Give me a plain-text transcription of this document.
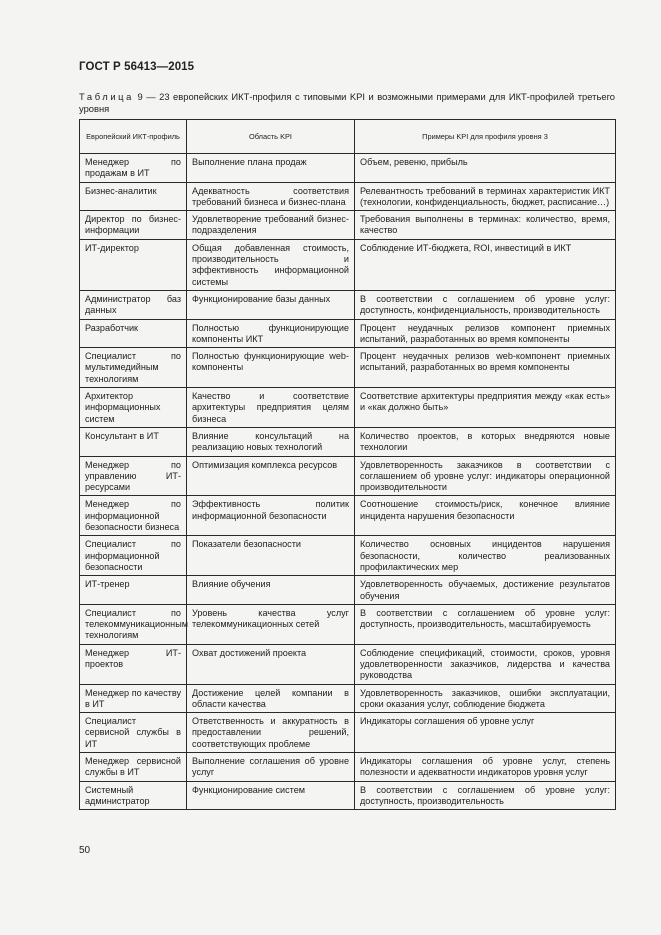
ГОСТ Р 56413—2015
Таблица 9 — 23 европейских ИКТ-профиля с типовыми KPI и возможными примерами для ИКТ-профилей третьего уровня
Европейский ИКТ-профиль	Область KPI	Примеры KPI для профиля уровня 3
Менеджер по продажам в ИТ	Выполнение плана продаж	Объем, ревеню, прибыль
Бизнес-аналитик	Адекватность соответствия требований бизнеса и бизнес-плана	Релевантность требований в терминах характеристик ИКТ (технологии, конфиденциальность, бюджет, расписание…)
Директор по бизнес-информации	Удовлетворение требований бизнес-подразделения	Требования выполнены в терминах: количество, время, качество
ИТ-директор	Общая добавленная стоимость, производительность и эффективность информационной системы	Соблюдение ИТ-бюджета, ROI, инвестиций в ИКТ
Администратор баз данных	Функционирование базы данных	В соответствии с соглашением об уровне услуг: доступность, конфиденциальность, производительность
Разработчик	Полностью функционирующие компоненты ИКТ	Процент неудачных релизов компонент приемных испытаний, разработанных во время компоненты
Специалист по мультимедийным технологиям	Полностью функционирующие web-компоненты	Процент неудачных релизов web-компонент приемных испытаний, разработанных во время компоненты
Архитектор информационных систем	Качество и соответствие архитектуры предприятия целям бизнеса	Соответствие архитектуры предприятия между «как есть» и «как должно быть»
Консультант в ИТ	Влияние консультаций на реализацию новых технологий	Количество проектов, в которых внедряются новые технологии
Менеджер по управлению ИТ-ресурсами	Оптимизация комплекса ресурсов	Удовлетворенность заказчиков в соответствии с соглашением об уровне услуг: индикаторы операционной производительности
Менеджер по информационной безопасности бизнеса	Эффективность политик информационной безопасности	Соотношение стоимость/риск, конечное влияние инцидента нарушения безопасности
Специалист по информационной безопасности	Показатели безопасности	Количество основных инцидентов нарушения безопасности, количество реализованных профилактических мер
ИТ-тренер	Влияние обучения	Удовлетворенность обучаемых, достижение результатов обучения
Специалист по телекоммуникационным технологиям	Уровень качества услуг телекоммуникационных сетей	В соответствии с соглашением об уровне услуг: доступность, производительность, масштабируемость
Менеджер ИТ-проектов	Охват достижений проекта	Соблюдение спецификаций, стоимости, сроков, уровня удовлетворенности заказчиков, лидерства и качества руководства
Менеджер по качеству в ИТ	Достижение целей компании в области качества	Удовлетворенность заказчиков, ошибки эксплуатации, сроки оказания услуг, соблюдение бюджета
Специалист сервисной службы в ИТ	Ответственность и аккуратность в предоставлении решений, соответствующих проблеме	Индикаторы соглашения об уровне услуг
Менеджер сервисной службы в ИТ	Выполнение соглашения об уровне услуг	Индикаторы соглашения об уровне услуг, степень полезности и адекватности индикаторов уровня услуг
Системный администратор	Функционирование систем	В соответствии с соглашением об уровне услуг: доступность, производительность
50
